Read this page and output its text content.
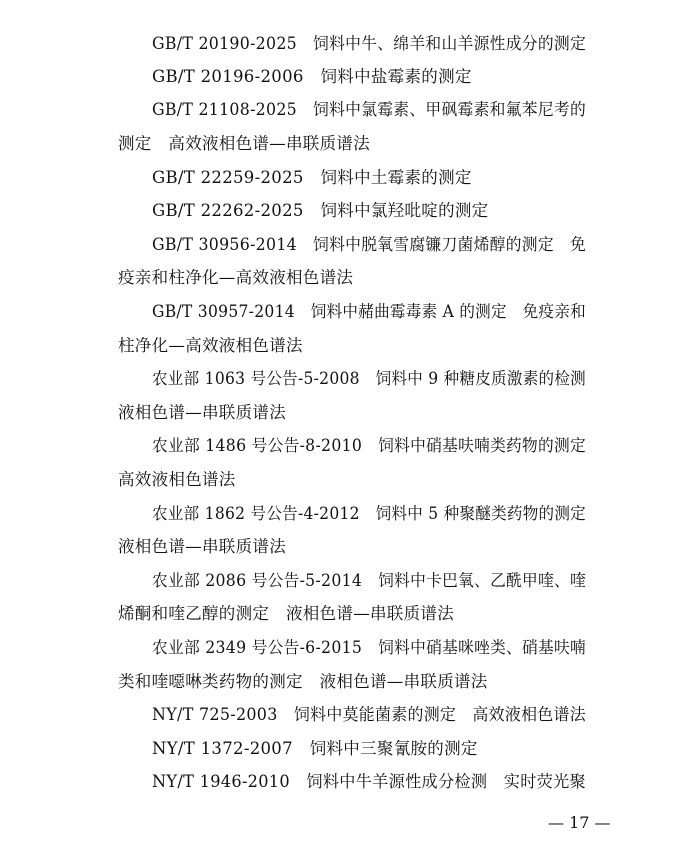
GB/T 20190-2025　饲料中牛、绵羊和山羊源性成分的测定
GB/T 20196-2006　饲料中盐霉素的测定
GB/T 21108-2025　饲料中氯霉素、甲砜霉素和氟苯尼考的
测定　高效液相色谱—串联质谱法
GB/T 22259-2025　饲料中土霉素的测定
GB/T 22262-2025　饲料中氯羟吡啶的测定
GB/T 30956-2014　饲料中脱氧雪腐镰刀菌烯醇的测定　免
疫亲和柱净化—高效液相色谱法
GB/T 30957-2014　饲料中赭曲霉毒素 A 的测定　免疫亲和
柱净化—高效液相色谱法
农业部 1063 号公告-5-2008　饲料中 9 种糖皮质激素的检测
液相色谱—串联质谱法
农业部 1486 号公告-8-2010　饲料中硝基呋喃类药物的测定
高效液相色谱法
农业部 1862 号公告-4-2012　饲料中 5 种聚醚类药物的测定
液相色谱—串联质谱法
农业部 2086 号公告-5-2014　饲料中卡巴氧、乙酰甲喹、喹
烯酮和喹乙醇的测定　液相色谱—串联质谱法
农业部 2349 号公告-6-2015　饲料中硝基咪唑类、硝基呋喃
类和喹噁啉类药物的测定　液相色谱—串联质谱法
NY/T 725-2003　饲料中莫能菌素的测定　高效液相色谱法
NY/T 1372-2007　饲料中三聚氰胺的测定
NY/T 1946-2010　饲料中牛羊源性成分检测　实时荧光聚
— 17 —
